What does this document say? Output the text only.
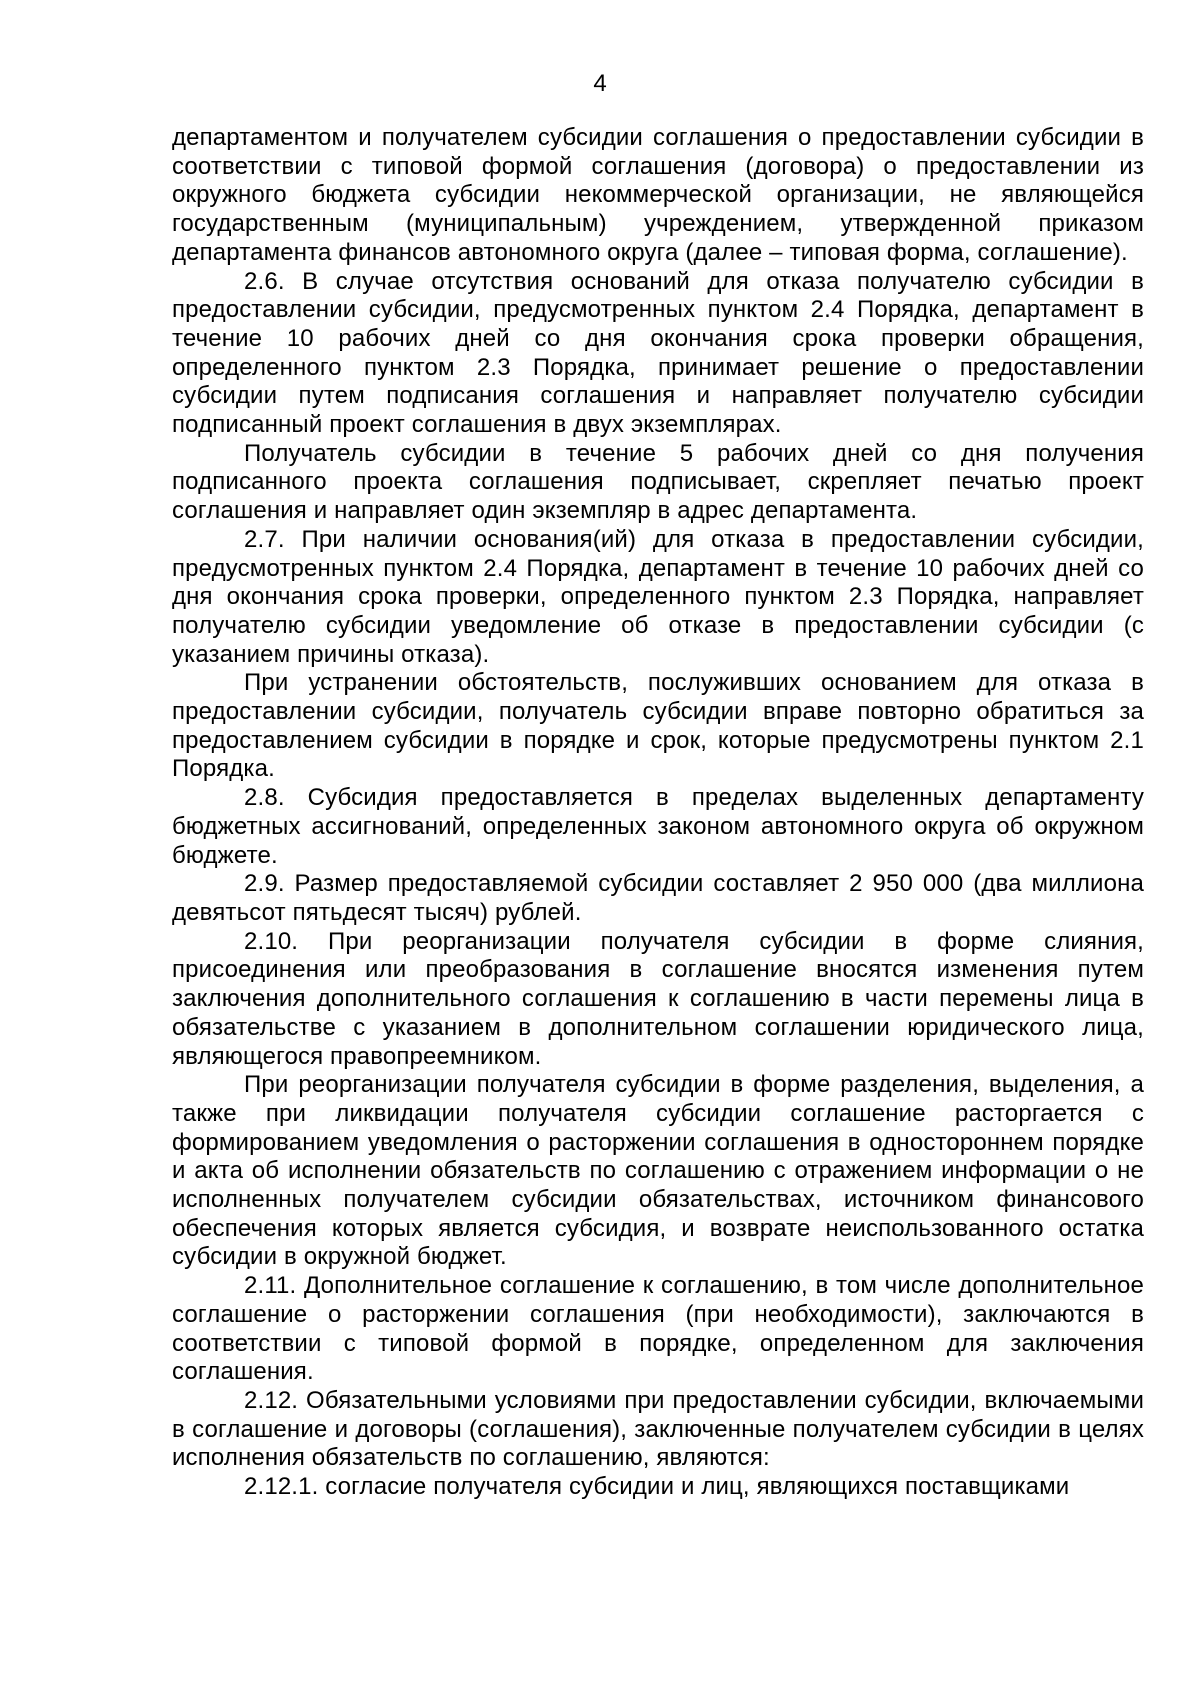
4

департаментом и получателем субсидии соглашения о предоставлении субсидии в соответствии с типовой формой соглашения (договора) о предоставлении из окружного бюджета субсидии некоммерческой организации, не являющейся государственным (муниципальным) учреждением, утвержденной приказом департамента финансов автономного округа (далее – типовая форма, соглашение).

2.6. В случае отсутствия оснований для отказа получателю субсидии в предоставлении субсидии, предусмотренных пунктом 2.4 Порядка, департамент в течение 10 рабочих дней со дня окончания срока проверки обращения, определенного пунктом 2.3 Порядка, принимает решение о предоставлении субсидии путем подписания соглашения и направляет получателю субсидии подписанный проект соглашения в двух экземплярах.

Получатель субсидии в течение 5 рабочих дней со дня получения подписанного проекта соглашения подписывает, скрепляет печатью проект соглашения и направляет один экземпляр в адрес департамента.

2.7. При наличии основания(ий) для отказа в предоставлении субсидии, предусмотренных пунктом 2.4 Порядка, департамент в течение 10 рабочих дней со дня окончания срока проверки, определенного пунктом 2.3 Порядка, направляет получателю субсидии уведомление об отказе в предоставлении субсидии (с указанием причины отказа).

При устранении обстоятельств, послуживших основанием для отказа в предоставлении субсидии, получатель субсидии вправе повторно обратиться за предоставлением субсидии в порядке и срок, которые предусмотрены пунктом 2.1 Порядка.

2.8. Субсидия предоставляется в пределах выделенных департаменту бюджетных ассигнований, определенных законом автономного округа об окружном бюджете.

2.9. Размер предоставляемой субсидии составляет 2 950 000 (два миллиона девятьсот пятьдесят тысяч) рублей.

2.10. При реорганизации получателя субсидии в форме слияния, присоединения или преобразования в соглашение вносятся изменения путем заключения дополнительного соглашения к соглашению в части перемены лица в обязательстве с указанием в дополнительном соглашении юридического лица, являющегося правопреемником.

При реорганизации получателя субсидии в форме разделения, выделения, а также при ликвидации получателя субсидии соглашение расторгается с формированием уведомления о расторжении соглашения в одностороннем порядке и акта об исполнении обязательств по соглашению с отражением информации о не исполненных получателем субсидии обязательствах, источником финансового обеспечения которых является субсидия, и возврате неиспользованного остатка субсидии в окружной бюджет.

2.11. Дополнительное соглашение к соглашению, в том числе дополнительное соглашение о расторжении соглашения (при необходимости), заключаются в соответствии с типовой формой в порядке, определенном для заключения соглашения.

2.12. Обязательными условиями при предоставлении субсидии, включаемыми в соглашение и договоры (соглашения), заключенные получателем субсидии в целях исполнения обязательств по соглашению, являются:

2.12.1. согласие получателя субсидии и лиц, являющихся поставщиками
